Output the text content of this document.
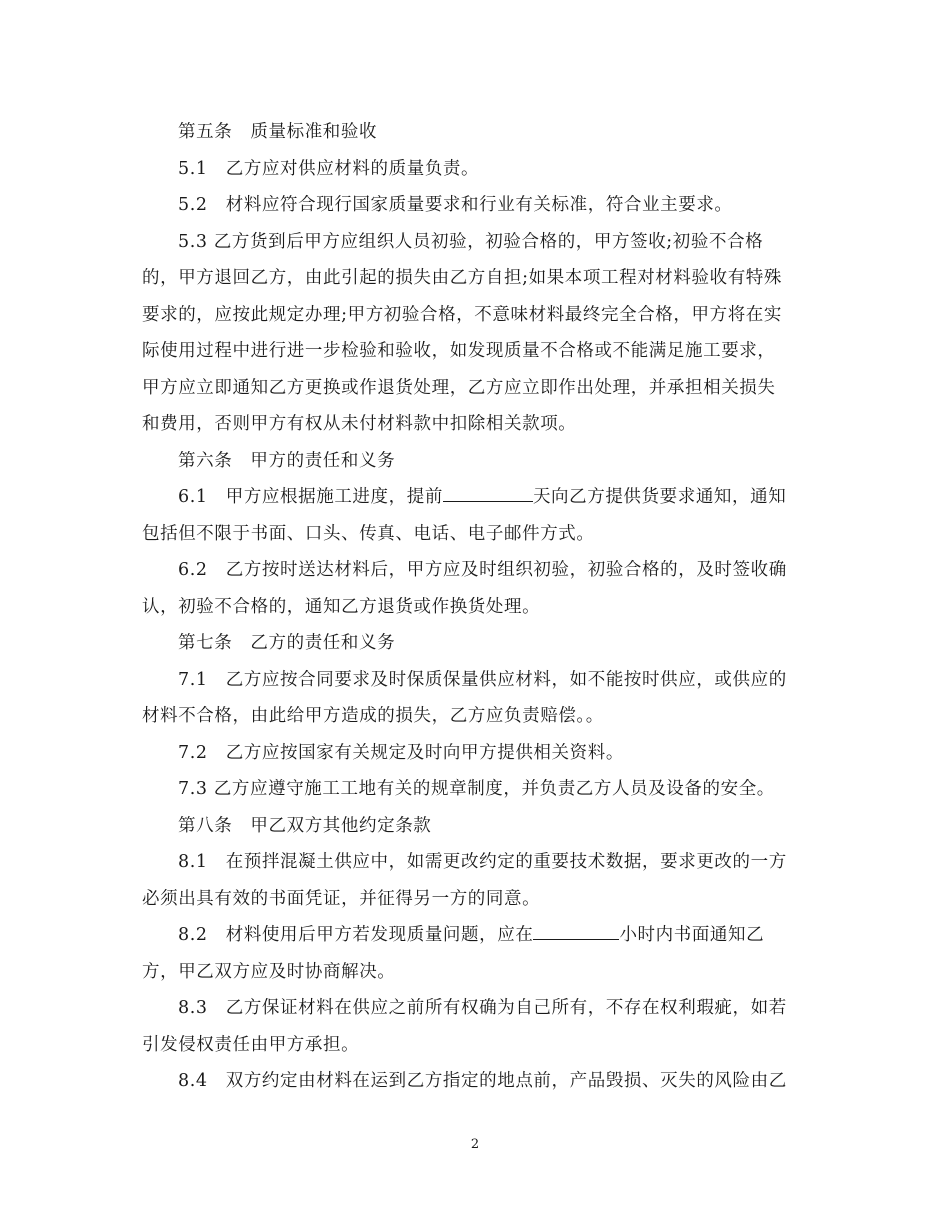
第五条　质量标准和验收
5.1　乙方应对供应材料的质量负责。
5.2　材料应符合现行国家质量要求和行业有关标准，符合业主要求。
5.3 乙方货到后甲方应组织人员初验，初验合格的，甲方签收;初验不合格
的，甲方退回乙方，由此引起的损失由乙方自担;如果本项工程对材料验收有特殊
要求的，应按此规定办理;甲方初验合格，不意味材料最终完全合格，甲方将在实
际使用过程中进行进一步检验和验收，如发现质量不合格或不能满足施工要求，
甲方应立即通知乙方更换或作退货处理，乙方应立即作出处理，并承担相关损失
和费用，否则甲方有权从未付材料款中扣除相关款项。
第六条　甲方的责任和义务
6.1　甲方应根据施工进度，提前	天向乙方提供货要求通知，通知
包括但不限于书面、口头、传真、电话、电子邮件方式。
6.2　乙方按时送达材料后，甲方应及时组织初验，初验合格的，及时签收确
认，初验不合格的，通知乙方退货或作换货处理。
第七条　乙方的责任和义务
7.1　乙方应按合同要求及时保质保量供应材料，如不能按时供应，或供应的
材料不合格，由此给甲方造成的损失，乙方应负责赔偿。。
7.2　乙方应按国家有关规定及时向甲方提供相关资料。
7.3 乙方应遵守施工工地有关的规章制度，并负责乙方人员及设备的安全。
第八条　甲乙双方其他约定条款
8.1　在预拌混凝土供应中，如需更改约定的重要技术数据，要求更改的一方
必须出具有效的书面凭证，并征得另一方的同意。
8.2　材料使用后甲方若发现质量问题，应在	小时内书面通知乙
方，甲乙双方应及时协商解决。
8.3　乙方保证材料在供应之前所有权确为自己所有，不存在权利瑕疵，如若
引发侵权责任由甲方承担。
8.4　双方约定由材料在运到乙方指定的地点前，产品毁损、灭失的风险由乙
2
